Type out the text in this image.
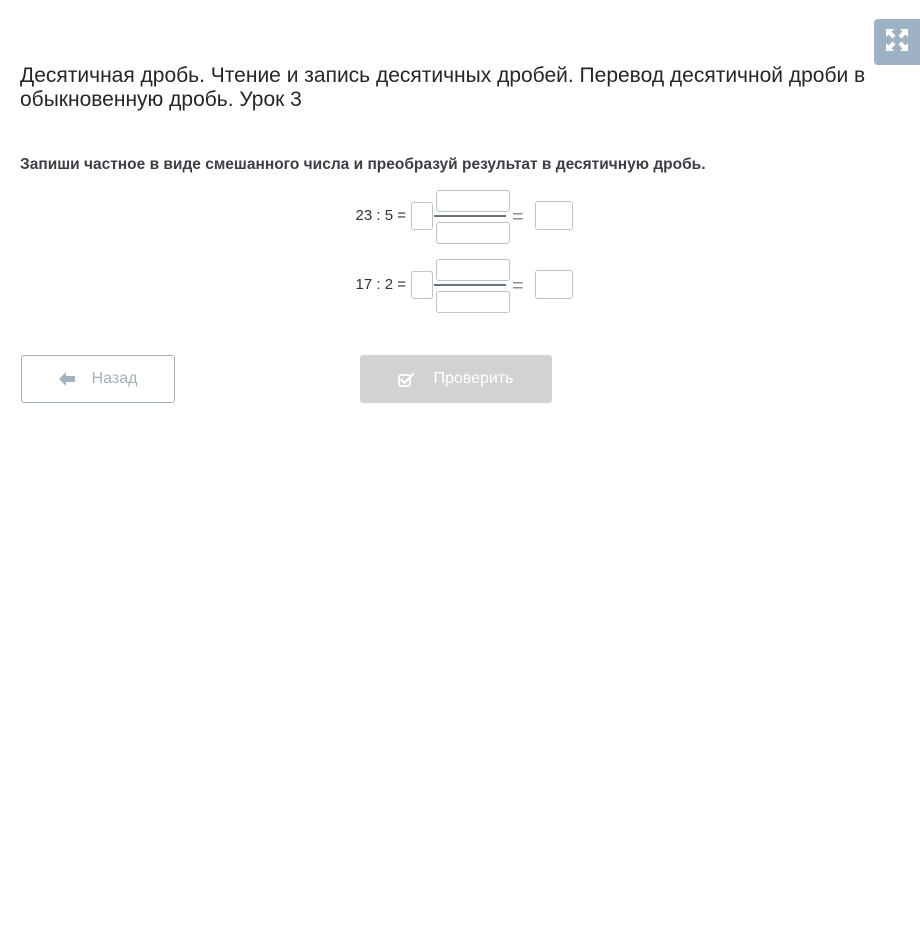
Десятичная дробь. Чтение и запись десятичных дробей. Перевод десятичной дроби в обыкновенную дробь. Урок 3

Запиши частное в виде смешанного числа и преобразуй результат в десятичную дробь.

23 : 5 =	=
17 : 2 =	=
Назад	Проверить
